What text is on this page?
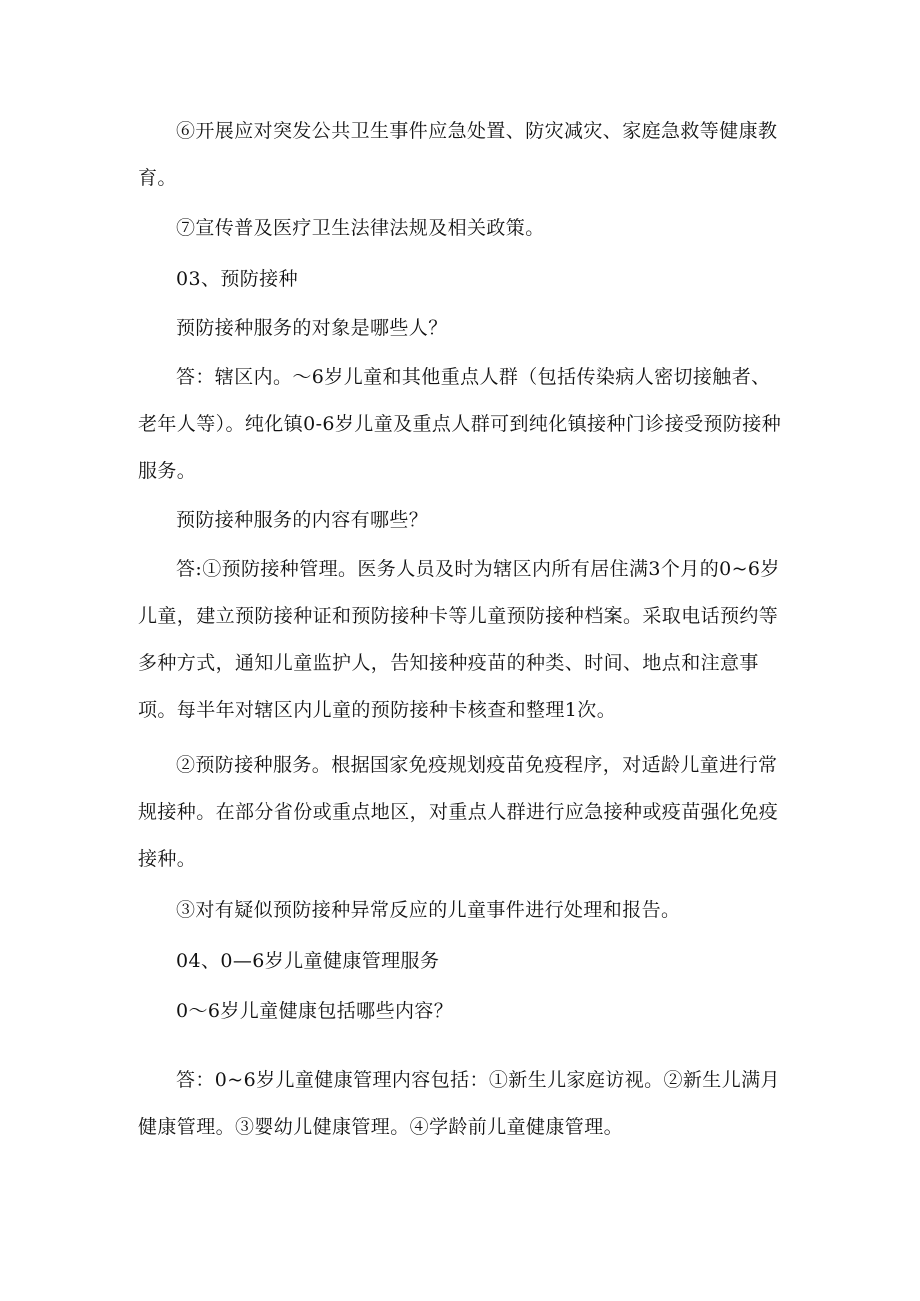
⑥开展应对突发公共卫生事件应急处置、防灾减灾、家庭急救等健康教育。

⑦宣传普及医疗卫生法律法规及相关政策。

03、预防接种

预防接种服务的对象是哪些人？

答：辖区内。～6岁儿童和其他重点人群（包括传染病人密切接触者、老年人等）。纯化镇0-6岁儿童及重点人群可到纯化镇接种门诊接受预防接种服务。

预防接种服务的内容有哪些？

答:①预防接种管理。医务人员及时为辖区内所有居住满3个月的0~6岁儿童，建立预防接种证和预防接种卡等儿童预防接种档案。采取电话预约等多种方式，通知儿童监护人，告知接种疫苗的种类、时间、地点和注意事项。每半年对辖区内儿童的预防接种卡核查和整理1次。

②预防接种服务。根据国家免疫规划疫苗免疫程序，对适龄儿童进行常规接种。在部分省份或重点地区，对重点人群进行应急接种或疫苗强化免疫接种。

③对有疑似预防接种异常反应的儿童事件进行处理和报告。

04、0—6岁儿童健康管理服务

0～6岁儿童健康包括哪些内容？

答：0~6岁儿童健康管理内容包括：①新生儿家庭访视。②新生儿满月健康管理。③婴幼儿健康管理。④学龄前儿童健康管理。
